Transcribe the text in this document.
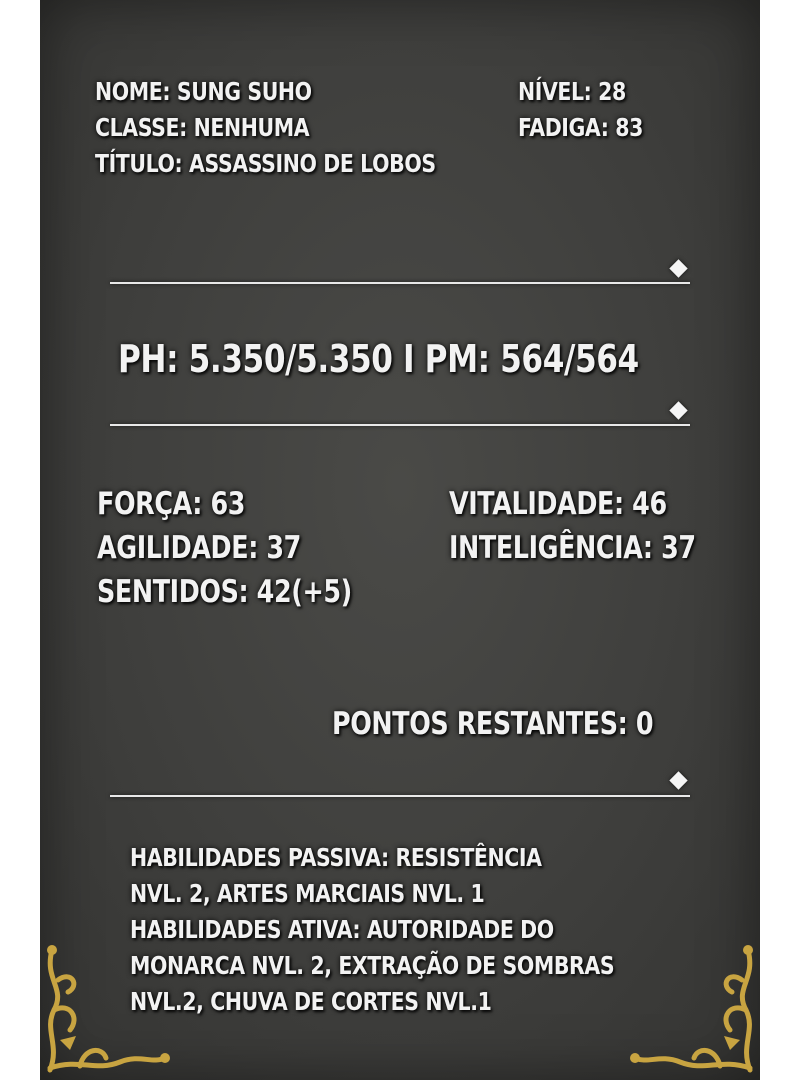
NOME: SUNG SUHO
CLASSE: NENHUMA
TÍTULO: ASSASSINO DE LOBOS
NÍVEL: 28
FADIGA: 83
PH: 5.350/5.350 I PM: 564/564
FORÇA: 63
AGILIDADE: 37
SENTIDOS: 42(+5)
VITALIDADE: 46
INTELIGÊNCIA: 37
PONTOS RESTANTES: 0
HABILIDADES PASSIVA: RESISTÊNCIA
NVL. 2, ARTES MARCIAIS NVL. 1
HABILIDADES ATIVA: AUTORIDADE DO
MONARCA NVL. 2, EXTRAÇÃO DE SOMBRAS
NVL.2, CHUVA DE CORTES NVL.1
